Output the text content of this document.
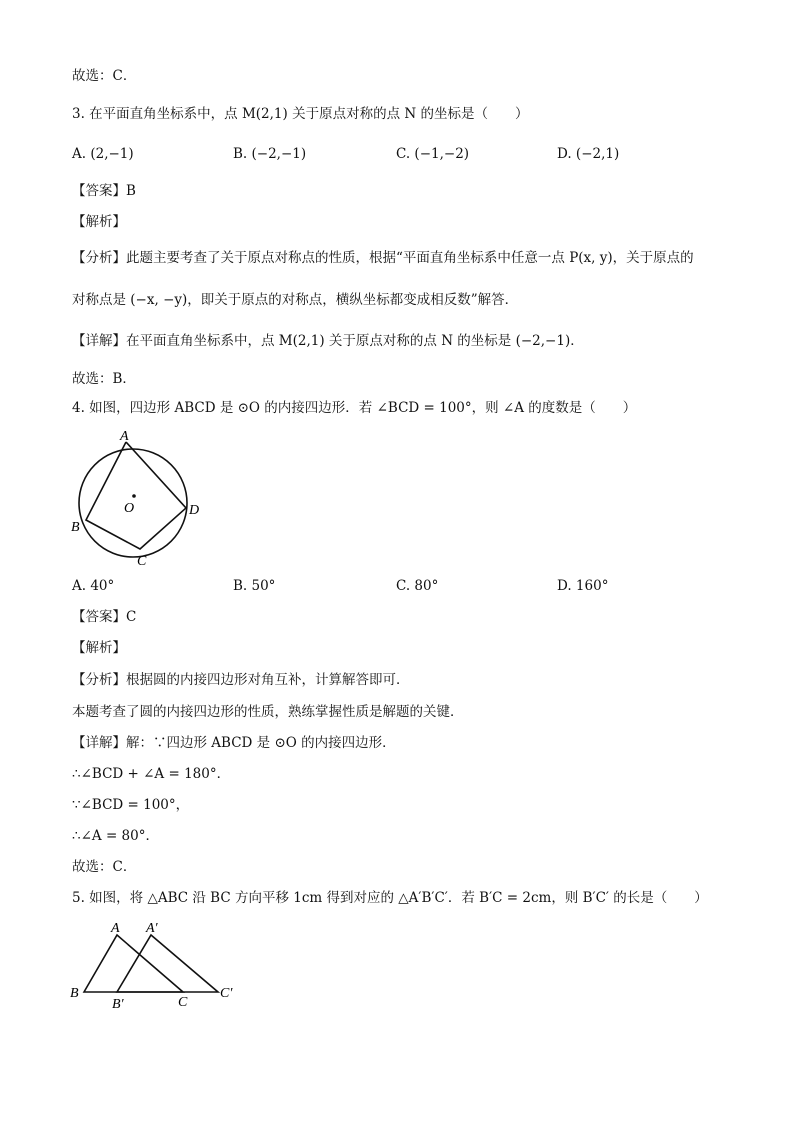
故选：C．
3. 在平面直角坐标系中，点 M(2,1) 关于原点对称的点 N 的坐标是（　　）
A. (2,−1)	B. (−2,−1)	C. (−1,−2)	D. (−2,1)
【答案】B
【解析】
【分析】此题主要考查了关于原点对称点的性质，根据“平面直角坐标系中任意一点 P(x, y)，关于原点的
对称点是 (−x, −y)，即关于原点的对称点，横纵坐标都变成相反数”解答．
【详解】在平面直角坐标系中，点 M(2,1) 关于原点对称的点 N 的坐标是 (−2,−1)．
故选：B．
4. 如图，四边形 ABCD 是 ⊙O 的内接四边形．若 ∠BCD = 100°，则 ∠A 的度数是（　　）
A
B
C
D
O
A. 40°	B. 50°	C. 80°	D. 160°
【答案】C
【解析】
【分析】根据圆的内接四边形对角互补，计算解答即可．
本题考查了圆的内接四边形的性质，熟练掌握性质是解题的关键．
【详解】解：∵四边形 ABCD 是 ⊙O 的内接四边形．
∴∠BCD + ∠A = 180°．
∵∠BCD = 100°，
∴∠A = 80°．
故选：C．
5. 如图，将 △ABC 沿 BC 方向平移 1cm 得到对应的 △A′B′C′．若 B′C = 2cm，则 B′C′ 的长是（　　）
A A′
B
B′	C
C′
